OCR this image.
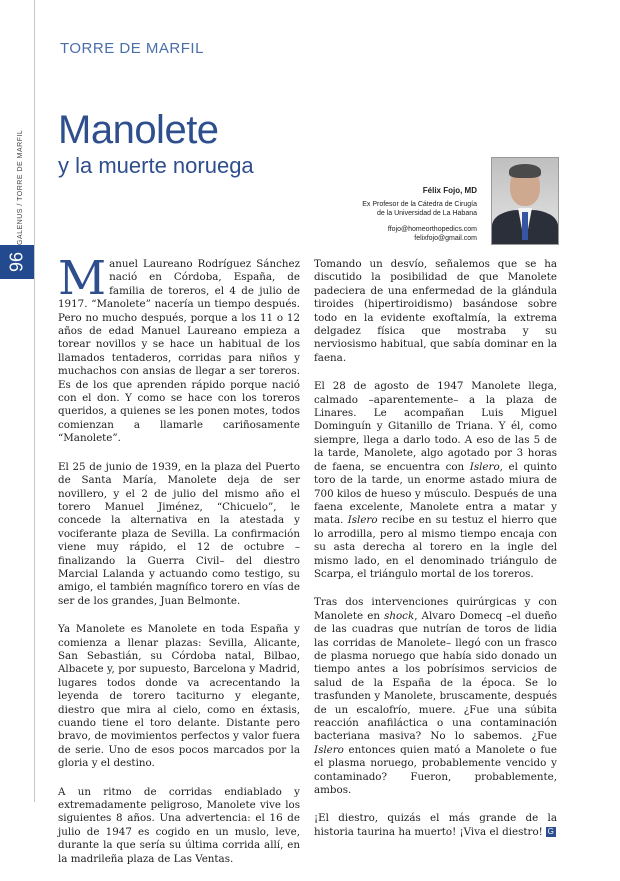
GALENUS / TORRE DE MARFIL
96
TORRE DE MARFIL
Manolete
y la muerte noruega
Félix Fojo, MD
Ex Profesor de la Cátedra de Cirugía
de la Universidad de La Habana
ffojo@homeorthopedics.com
felixfojo@gmail.com

Manuel Laureano Rodríguez Sánchez nació en Córdoba, España, de familia de toreros, el 4 de julio de 1917. “Manolete” nacería un tiempo después. Pero no mucho después, porque a los 11 o 12 años de edad Manuel Laureano empieza a torear novillos y se hace un habitual de los llamados tentaderos, corridas para niños y muchachos con ansias de llegar a ser toreros. Es de los que aprenden rápido porque nació con el don. Y como se hace con los toreros queridos, a quienes se les ponen motes, todos comienzan a llamarle cariñosamente “Manolete”.

El 25 de junio de 1939, en la plaza del Puerto de Santa María, Manolete deja de ser novillero, y el 2 de julio del mismo año el torero Manuel Jiménez, “Chicuelo”, le concede la alternativa en la atestada y vociferante plaza de Sevilla. La confirmación viene muy rápido, el 12 de octubre –finalizando la Guerra Civil– del diestro Marcial Lalanda y actuando como testigo, su amigo, el también magnífico torero en vías de ser de los grandes, Juan Belmonte.

Ya Manolete es Manolete en toda España y comienza a llenar plazas: Sevilla, Alicante, San Sebastián, su Córdoba natal, Bilbao, Albacete y, por supuesto, Barcelona y Madrid, lugares todos donde va acrecentando la leyenda de torero taciturno y elegante, diestro que mira al cielo, como en éxtasis, cuando tiene el toro delante. Distante pero bravo, de movimientos perfectos y valor fuera de serie. Uno de esos pocos marcados por la gloria y el destino.

A un ritmo de corridas endiablado y extremadamente peligroso, Manolete vive los siguientes 8 años. Una advertencia: el 16 de julio de 1947 es cogido en un muslo, leve, durante la que sería su última corrida allí, en la madrileña plaza de Las Ventas.

Tomando un desvío, señalemos que se ha discutido la posibilidad de que Manolete padeciera de una enfermedad de la glándula tiroides (hipertiroidismo) basándose sobre todo en la evidente exoftalmía, la extrema delgadez física que mostraba y su nerviosismo habitual, que sabía dominar en la faena.

El 28 de agosto de 1947 Manolete llega, calmado –aparentemente– a la plaza de Linares. Le acompañan Luis Miguel Dominguín y Gitanillo de Triana. Y él, como siempre, llega a darlo todo. A eso de las 5 de la tarde, Manolete, algo agotado por 3 horas de faena, se encuentra con Islero, el quinto toro de la tarde, un enorme astado miura de 700 kilos de hueso y músculo. Después de una faena excelente, Manolete entra a matar y mata. Islero recibe en su testuz el hierro que lo arrodilla, pero al mismo tiempo encaja con su asta derecha al torero en la ingle del mismo lado, en el denominado triángulo de Scarpa, el triángulo mortal de los toreros.

Tras dos intervenciones quirúrgicas y con Manolete en shock, Alvaro Domecq –el dueño de las cuadras que nutrían de toros de lidia las corridas de Manolete– llegó con un frasco de plasma noruego que había sido donado un tiempo antes a los pobrísimos servicios de salud de la España de la época. Se lo trasfunden y Manolete, bruscamente, después de un escalofrío, muere. ¿Fue una súbita reacción anafiláctica o una contaminación bacteriana masiva? No lo sabemos. ¿Fue Islero entonces quien mató a Manolete o fue el plasma noruego, probablemente vencido y contaminado? Fueron, probablemente, ambos.

¡El diestro, quizás el más grande de la historia taurina ha muerto! ¡Viva el diestro! G
